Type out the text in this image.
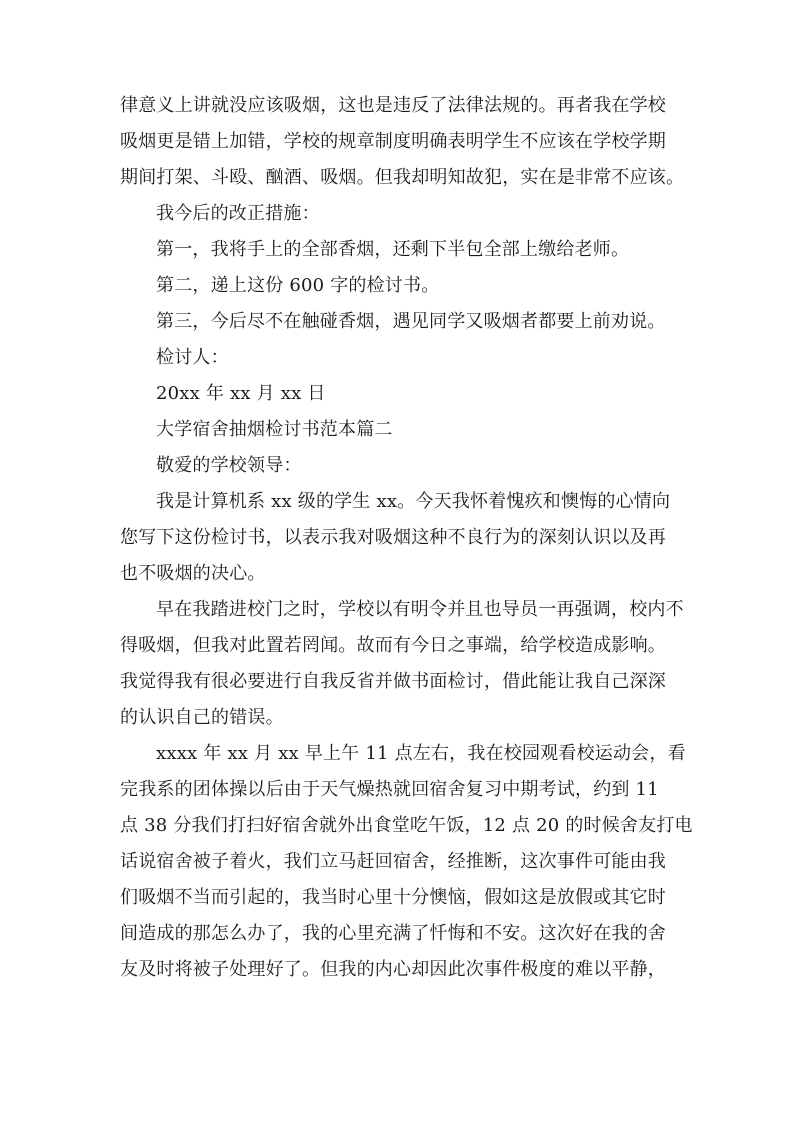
律意义上讲就没应该吸烟，这也是违反了法律法规的。再者我在学校
吸烟更是错上加错，学校的规章制度明确表明学生不应该在学校学期
期间打架、斗殴、酗酒、吸烟。但我却明知故犯，实在是非常不应该。
我今后的改正措施：
第一，我将手上的全部香烟，还剩下半包全部上缴给老师。
第二，递上这份 600 字的检讨书。
第三，今后尽不在触碰香烟，遇见同学又吸烟者都要上前劝说。
检讨人：
20xx 年 xx 月 xx 日
大学宿舍抽烟检讨书范本篇二
敬爱的学校领导：
我是计算机系 xx 级的学生 xx。今天我怀着愧疚和懊悔的心情向
您写下这份检讨书，以表示我对吸烟这种不良行为的深刻认识以及再
也不吸烟的决心。
早在我踏进校门之时，学校以有明令并且也导员一再强调，校内不
得吸烟，但我对此置若罔闻。故而有今日之事端，给学校造成影响。
我觉得我有很必要进行自我反省并做书面检讨，借此能让我自己深深
的认识自己的错误。
xxxx 年 xx 月 xx 早上午 11 点左右，我在校园观看校运动会，看
完我系的团体操以后由于天气燥热就回宿舍复习中期考试，约到 11
点 38 分我们打扫好宿舍就外出食堂吃午饭，12 点 20 的时候舍友打电
话说宿舍被子着火，我们立马赶回宿舍，经推断，这次事件可能由我
们吸烟不当而引起的，我当时心里十分懊恼，假如这是放假或其它时
间造成的那怎么办了，我的心里充满了忏悔和不安。这次好在我的舍
友及时将被子处理好了。但我的内心却因此次事件极度的难以平静，
